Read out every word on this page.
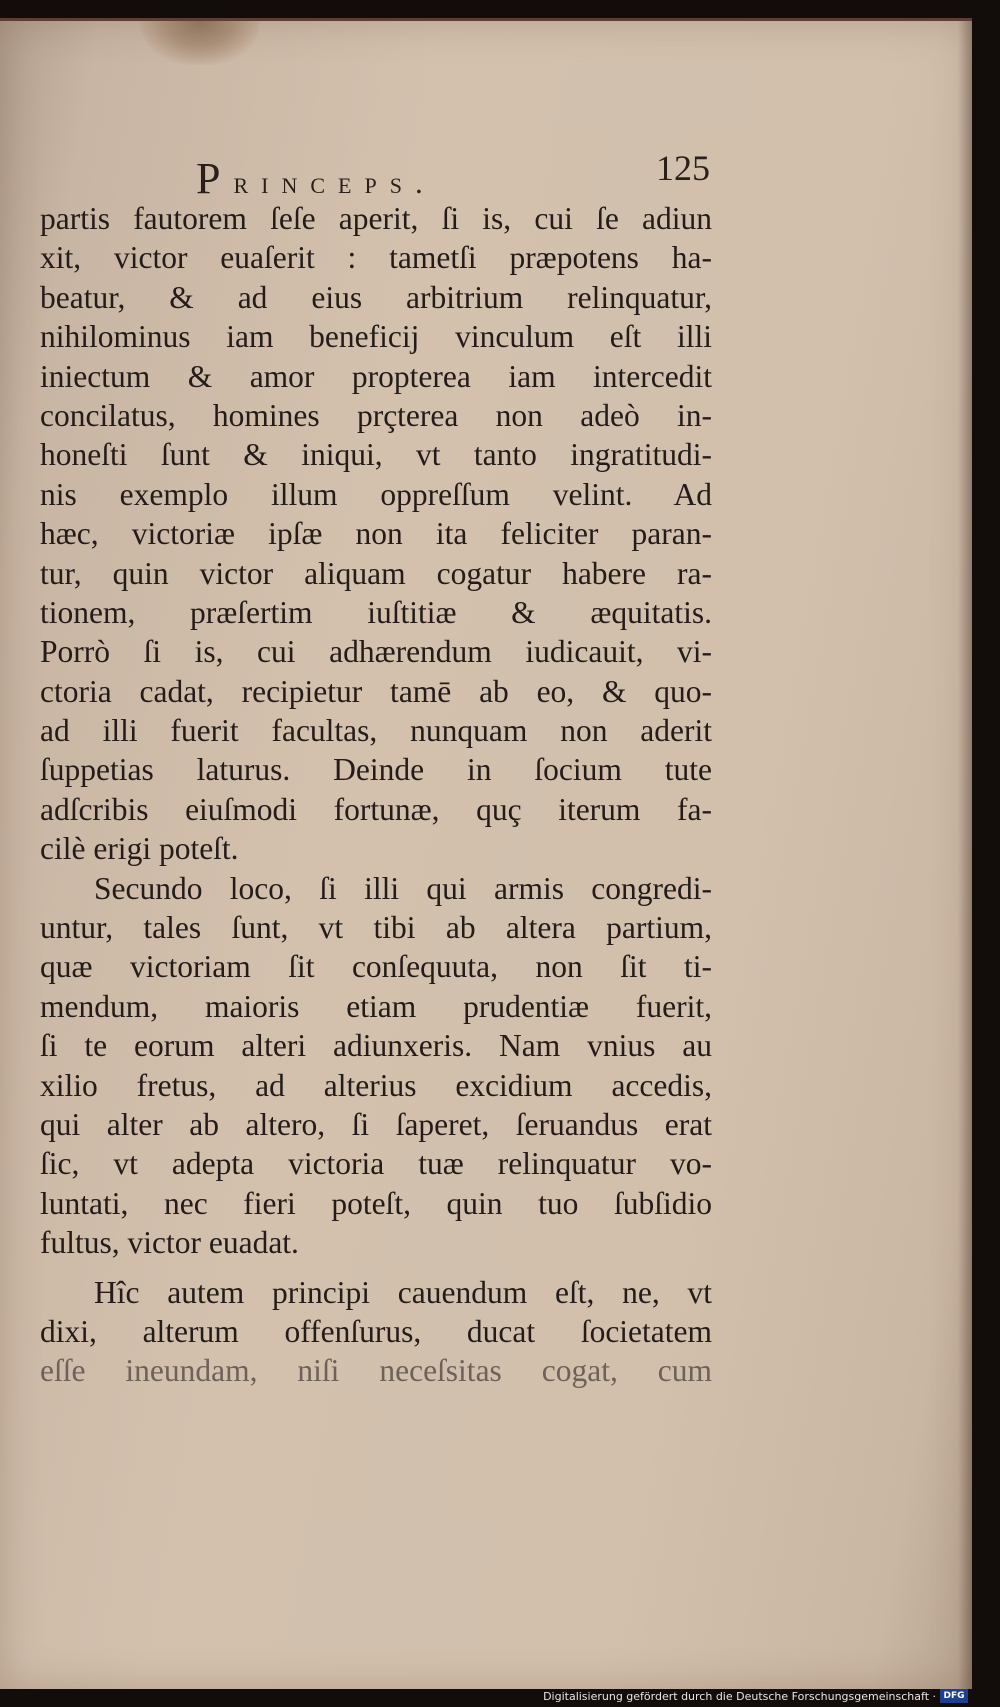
Princeps.	125
partis fautorem ſeſe aperit, ſi is, cui ſe adiun
xit, victor euaſerit : tametſi præpotens ha-
beatur, & ad eius arbitrium relinquatur,
nihilominus iam beneficij vinculum eſt illi
iniectum & amor propterea iam intercedit
concilatus, homines prçterea non adeò in-
honeſti ſunt & iniqui, vt tanto ingratitudi-
nis exemplo illum oppreſſum velint. Ad
hæc, victoriæ ipſæ non ita feliciter paran-
tur, quin victor aliquam cogatur habere ra-
tionem, præſertim iuſtitiæ & æquitatis.
Porrò ſi is, cui adhærendum iudicauit, vi-
ctoria cadat, recipietur tamē ab eo, & quo-
ad illi fuerit facultas, nunquam non aderit
ſuppetias laturus. Deinde in ſocium tute
adſcribis eiuſmodi fortunæ, quç iterum fa-
cilè erigi poteſt.
Secundo loco, ſi illi qui armis congredi-
untur, tales ſunt, vt tibi ab altera partium,
quæ victoriam ſit conſequuta, non ſit ti-
mendum, maioris etiam prudentiæ fuerit,
ſi te eorum alteri adiunxeris. Nam vnius au
xilio fretus, ad alterius excidium accedis,
qui alter ab altero, ſi ſaperet, ſeruandus erat
ſic, vt adepta victoria tuæ relinquatur vo-
luntati, nec fieri poteſt, quin tuo ſubſidio
fultus, victor euadat.
Hîc autem principi cauendum eſt, ne, vt
dixi, alterum offenſurus, ducat ſocietatem
eſſe ineundam, niſi neceſsitas cogat, cum
Digitalisierung gefördert durch die Deutsche Forschungsgemeinschaft · DFG
